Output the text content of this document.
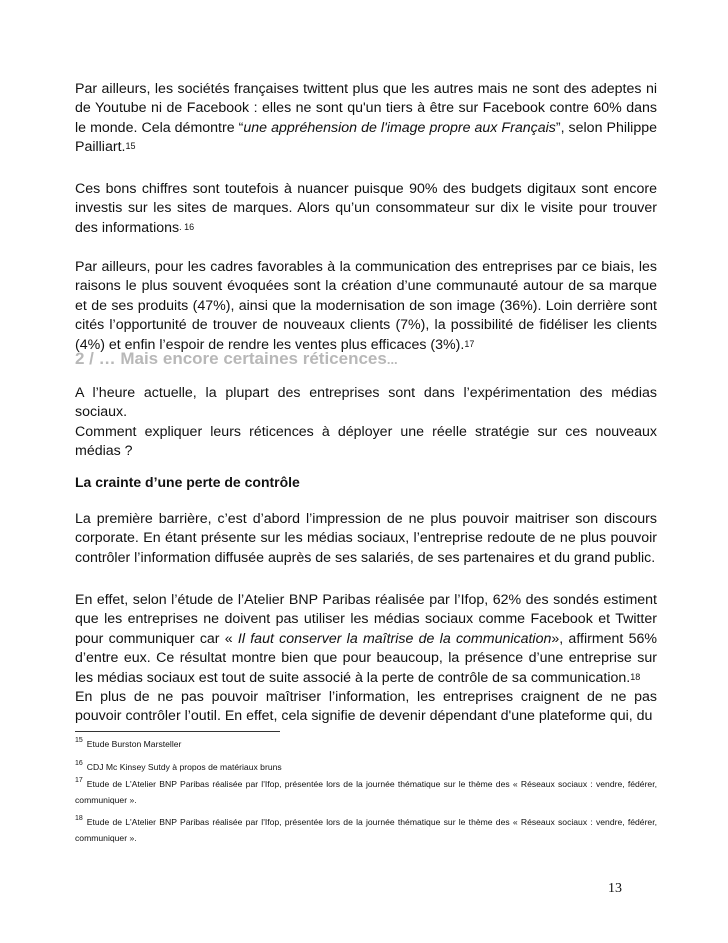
Par ailleurs, les sociétés françaises twittent plus que les autres mais ne sont des adeptes ni de Youtube ni de Facebook : elles ne sont qu'un tiers à être sur Facebook contre 60% dans le monde. Cela démontre “une appréhension de l'image propre aux Français”, selon Philippe Pailliart.$^{15}$

Ces bons chiffres sont toutefois à nuancer puisque 90% des budgets digitaux sont encore investis sur les sites de marques. Alors qu’un consommateur sur dix le visite pour trouver des informations$^{. 16}$

Par ailleurs, pour les cadres favorables à la communication des entreprises par ce biais, les raisons le plus souvent évoquées sont la création d’une communauté autour de sa marque et de ses produits (47%), ainsi que la modernisation de son image (36%). Loin derrière sont cités l’opportunité de trouver de nouveaux clients (7%), la possibilité de fidéliser les clients (4%) et enfin l’espoir de rendre les ventes plus efficaces (3%).$^{17}$

2 / … Mais encore certaines réticences...

A l’heure actuelle, la plupart des entreprises sont dans l’expérimentation des médias sociaux.

Comment expliquer leurs réticences à déployer une réelle stratégie sur ces nouveaux médias ?

La crainte d’une perte de contrôle

La première barrière, c’est d’abord l’impression de ne plus pouvoir maitriser son discours corporate. En étant présente sur les médias sociaux, l’entreprise redoute de ne plus pouvoir contrôler l’information diffusée auprès de ses salariés, de ses partenaires et du grand public.

En effet, selon l’étude de l’Atelier BNP Paribas réalisée par l’Ifop, 62% des sondés estiment que les entreprises ne doivent pas utiliser les médias sociaux comme Facebook et Twitter pour communiquer car « Il faut conserver la maîtrise de la communication», affirment 56% d’entre eux. Ce résultat montre bien que pour beaucoup, la présence d’une entreprise sur les médias sociaux est tout de suite associé à la perte de contrôle de sa communication.$^{18}$

En plus de ne pas pouvoir maîtriser l’information, les entreprises craignent de ne pas pouvoir contrôler l’outil. En effet, cela signifie de devenir dépendant d'une plateforme qui, du

$^{15}$ Etude Burston Marsteller

$^{16}$ CDJ Mc Kinsey Sutdy à propos de matériaux bruns

$^{17}$ Etude de L'Atelier BNP Paribas réalisée par l'Ifop, présentée lors de la journée thématique sur le thème des « Réseaux sociaux : vendre, fédérer, communiquer ».

$^{18}$ Etude de L'Atelier BNP Paribas réalisée par l'Ifop, présentée lors de la journée thématique sur le thème des « Réseaux sociaux : vendre, fédérer, communiquer ».

13
